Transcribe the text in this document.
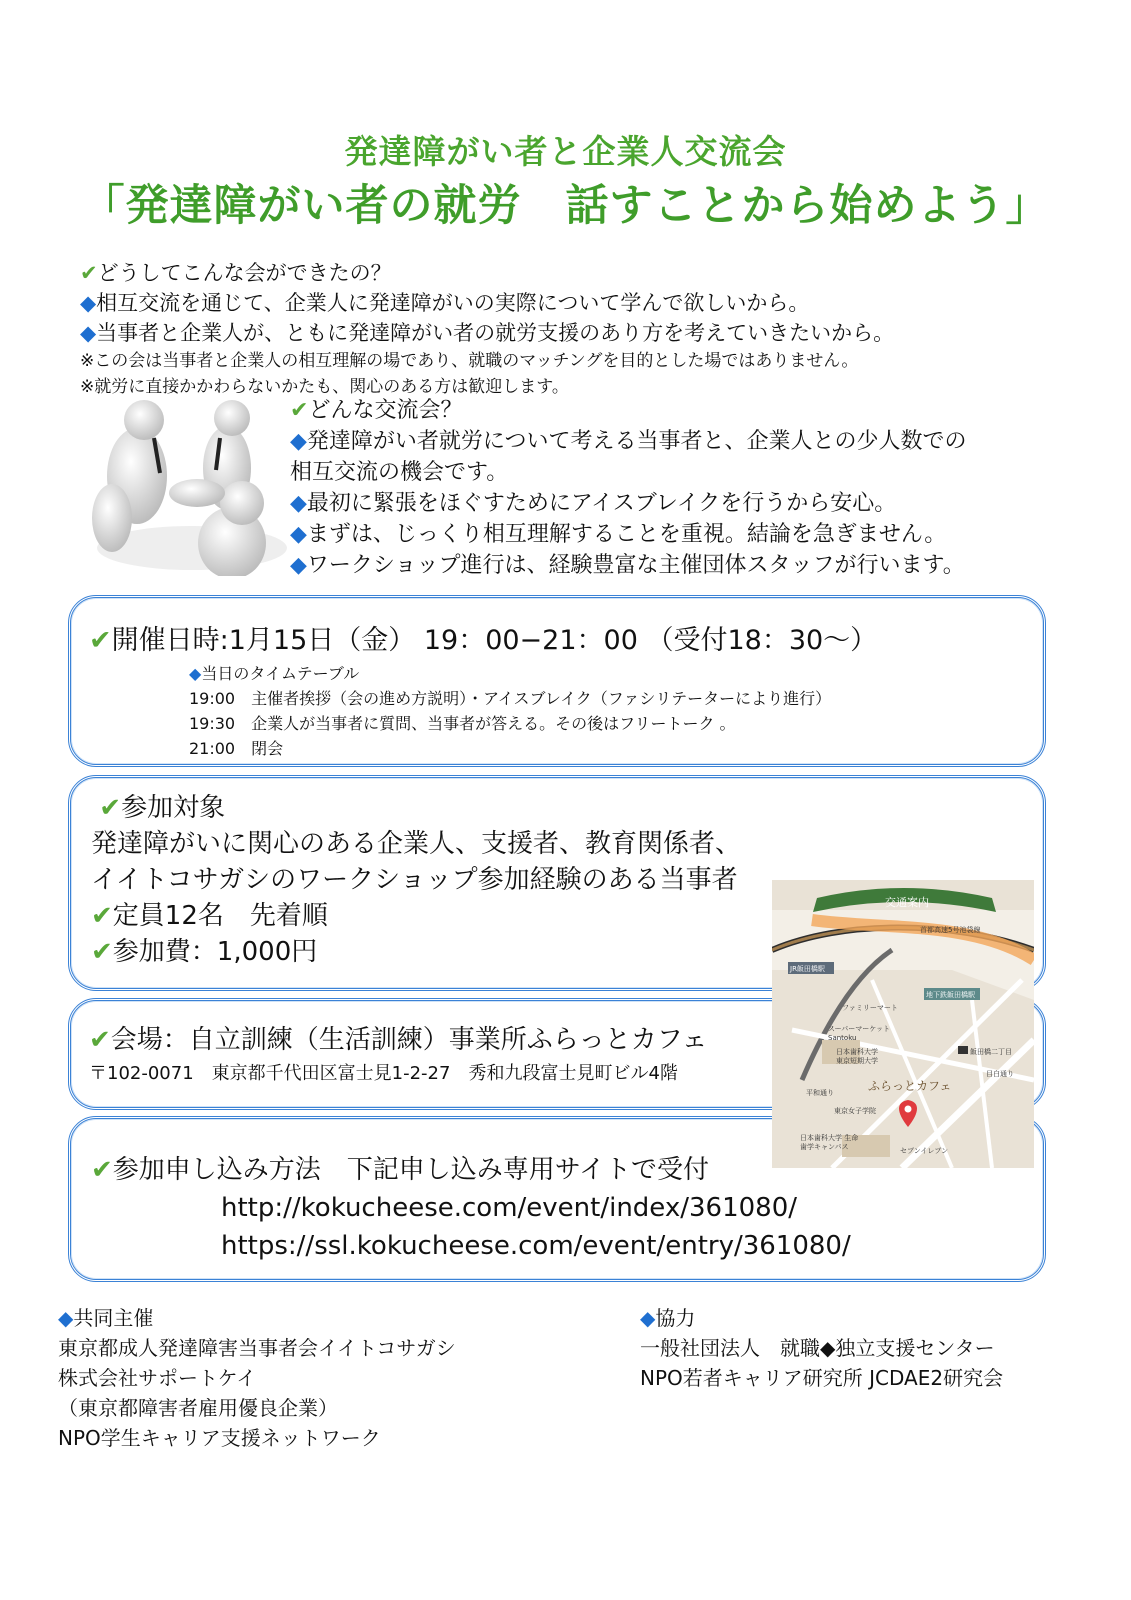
発達障がい者と企業人交流会
「発達障がい者の就労　話すことから始めよう」
✔どうしてこんな会ができたの？
◆相互交流を通じて、企業人に発達障がいの実際について学んで欲しいから。
◆当事者と企業人が、ともに発達障がい者の就労支援のあり方を考えていきたいから。
※この会は当事者と企業人の相互理解の場であり、就職のマッチングを目的とした場ではありません。
※就労に直接かかわらないかたも、関心のある方は歓迎します。
✔どんな交流会？
◆発達障がい者就労について考える当事者と、企業人との少人数での
相互交流の機会です。
◆最初に緊張をほぐすためにアイスブレイクを行うから安心。
◆まずは、じっくり相互理解することを重視。結論を急ぎません。
◆ワークショップ進行は、経験豊富な主催団体スタッフが行います。
✔開催日時:1月15日（金） 19：00−21：00 （受付18：30〜）
◆当日のタイムテーブル
19:00　主催者挨拶（会の進め方説明）・アイスブレイク（ファシリテーターにより進行）
19:30　企業人が当事者に質問、当事者が答える。その後はフリートーク 。
21:00　閉会
✔参加対象
発達障がいに関心のある企業人、支援者、教育関係者、
イイトコサガシのワークショップ参加経験のある当事者
✔定員12名　先着順
✔参加費：1,000円
✔会場：自立訓練（生活訓練）事業所ふらっとカフェ
〒102-0071　東京都千代田区富士見1-2-27　秀和九段富士見町ビル4階
✔参加申し込み方法　下記申し込み専用サイトで受付
http://kokucheese.com/event/index/361080/
https://ssl.kokucheese.com/event/entry/361080/
交通案内
首都高速5号池袋線
JR飯田橋駅
地下鉄飯田橋駅
ファミリーマート
スーパーマーケット
Santoku
日本歯科大学
東京短期大学
飯田橋二丁目
目白通り
平和通り
東京女子学院
日本歯科大学 生命
歯学キャンパス	セブンイレブン
ふらっとカフェ
◆共同主催
東京都成人発達障害当事者会イイトコサガシ
株式会社サポートケイ
（東京都障害者雇用優良企業）
NPO学生キャリア支援ネットワーク
◆協力
一般社団法人　就職◆独立支援センター
NPO若者キャリア研究所 JCDAE2研究会
